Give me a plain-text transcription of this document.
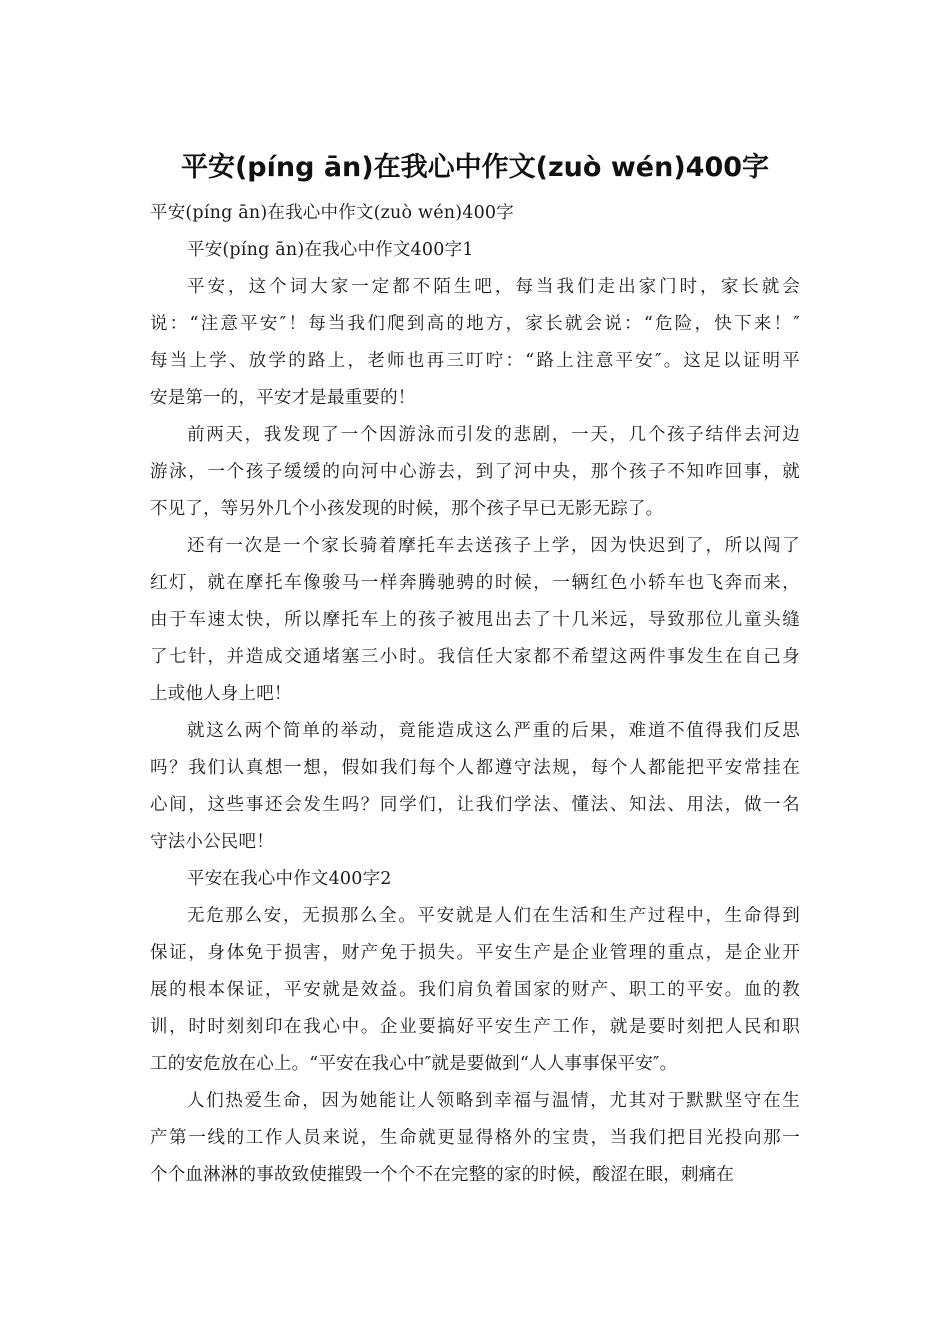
平安(píng ān)在我心中作文(zuò wén)400字
平安(píng ān)在我心中作文(zuò wén)400字
平安(píng ān)在我心中作文400字1
平安，这个词大家一定都不陌生吧，每当我们走出家门时，家长就会
说：“注意平安″！每当我们爬到高的地方，家长就会说：“危险，快下来！″
每当上学、放学的路上，老师也再三叮咛：“路上注意平安″。这足以证明平
安是第一的，平安才是最重要的！
前两天，我发现了一个因游泳而引发的悲剧，一天，几个孩子结伴去河边
游泳，一个孩子缓缓的向河中心游去，到了河中央，那个孩子不知咋回事，就
不见了，等另外几个小孩发现的时候，那个孩子早已无影无踪了。
还有一次是一个家长骑着摩托车去送孩子上学，因为快迟到了，所以闯了
红灯，就在摩托车像骏马一样奔腾驰骋的时候，一辆红色小轿车也飞奔而来，
由于车速太快，所以摩托车上的孩子被甩出去了十几米远，导致那位儿童头缝
了七针，并造成交通堵塞三小时。我信任大家都不希望这两件事发生在自己身
上或他人身上吧！
就这么两个简单的举动，竟能造成这么严重的后果，难道不值得我们反思
吗？我们认真想一想，假如我们每个人都遵守法规，每个人都能把平安常挂在
心间，这些事还会发生吗？同学们，让我们学法、懂法、知法、用法，做一名
守法小公民吧！
平安在我心中作文400字2
无危那么安，无损那么全。平安就是人们在生活和生产过程中，生命得到
保证，身体免于损害，财产免于损失。平安生产是企业管理的重点，是企业开
展的根本保证，平安就是效益。我们肩负着国家的财产、职工的平安。血的教
训，时时刻刻印在我心中。企业要搞好平安生产工作，就是要时刻把人民和职
工的安危放在心上。“平安在我心中″就是要做到“人人事事保平安″。
人们热爱生命，因为她能让人领略到幸福与温情，尤其对于默默坚守在生
产第一线的工作人员来说，生命就更显得格外的宝贵，当我们把目光投向那一
个个血淋淋的事故致使摧毁一个个不在完整的家的时候，酸涩在眼，刺痛在
